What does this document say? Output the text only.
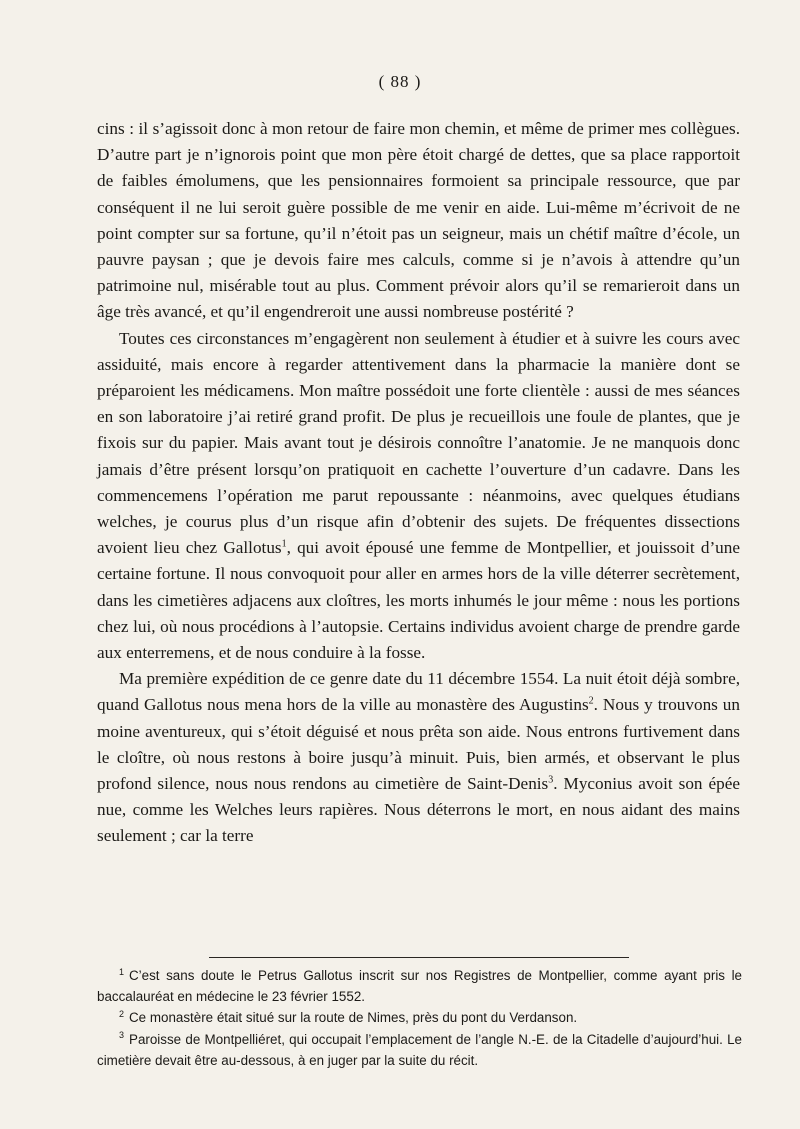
( 88 )

cins : il s’agissoit donc à mon retour de faire mon chemin, et même de primer mes collègues. D’autre part je n’ignorois point que mon père étoit chargé de dettes, que sa place rapportoit de faibles émolumens, que les pensionnaires formoient sa principale ressource, que par conséquent il ne lui seroit guère possible de me venir en aide. Lui-même m’écrivoit de ne point compter sur sa fortune, qu’il n’étoit pas un seigneur, mais un chétif maître d’école, un pauvre paysan ; que je devois faire mes calculs, comme si je n’avois à attendre qu’un patrimoine nul, misérable tout au plus. Comment prévoir alors qu’il se remarieroit dans un âge très avancé, et qu’il engendreroit une aussi nombreuse postérité ?

Toutes ces circonstances m’engagèrent non seulement à étudier et à suivre les cours avec assiduité, mais encore à regarder attentivement dans la pharmacie la manière dont se préparoient les médicamens. Mon maître possédoit une forte clientèle : aussi de mes séances en son laboratoire j’ai retiré grand profit. De plus je recueillois une foule de plantes, que je fixois sur du papier. Mais avant tout je désirois connoître l’anatomie. Je ne manquois donc jamais d’être présent lorsqu’on pratiquoit en cachette l’ouverture d’un cadavre. Dans les commencemens l’opération me parut repoussante : néanmoins, avec quelques étudians welches, je courus plus d’un risque afin d’obtenir des sujets. De fréquentes dissections avoient lieu chez Gallotus$^1$, qui avoit épousé une femme de Montpellier, et jouissoit d’une certaine fortune. Il nous convoquoit pour aller en armes hors de la ville déterrer secrètement, dans les cimetières adjacens aux cloîtres, les morts inhumés le jour même : nous les portions chez lui, où nous procédions à l’autopsie. Certains individus avoient charge de prendre garde aux enterremens, et de nous conduire à la fosse.

Ma première expédition de ce genre date du 11 décembre 1554. La nuit étoit déjà sombre, quand Gallotus nous mena hors de la ville au monastère des Augustins$^2$. Nous y trouvons un moine aventureux, qui s’étoit déguisé et nous prêta son aide. Nous entrons furtivement dans le cloître, où nous restons à boire jusqu’à minuit. Puis, bien armés, et observant le plus profond silence, nous nous rendons au cimetière de Saint-Denis$^3$. Myconius avoit son épée nue, comme les Welches leurs rapières. Nous déterrons le mort, en nous aidant des mains seulement ; car la terre

$^1$ C’est sans doute le Petrus Gallotus inscrit sur nos Registres de Montpellier, comme ayant pris le baccalauréat en médecine le 23 février 1552.

$^2$ Ce monastère était situé sur la route de Nimes, près du pont du Verdanson.

$^3$ Paroisse de Montpelliéret, qui occupait l’emplacement de l’angle N.-E. de la Citadelle d’aujourd’hui. Le cimetière devait être au-dessous, à en juger par la suite du récit.
